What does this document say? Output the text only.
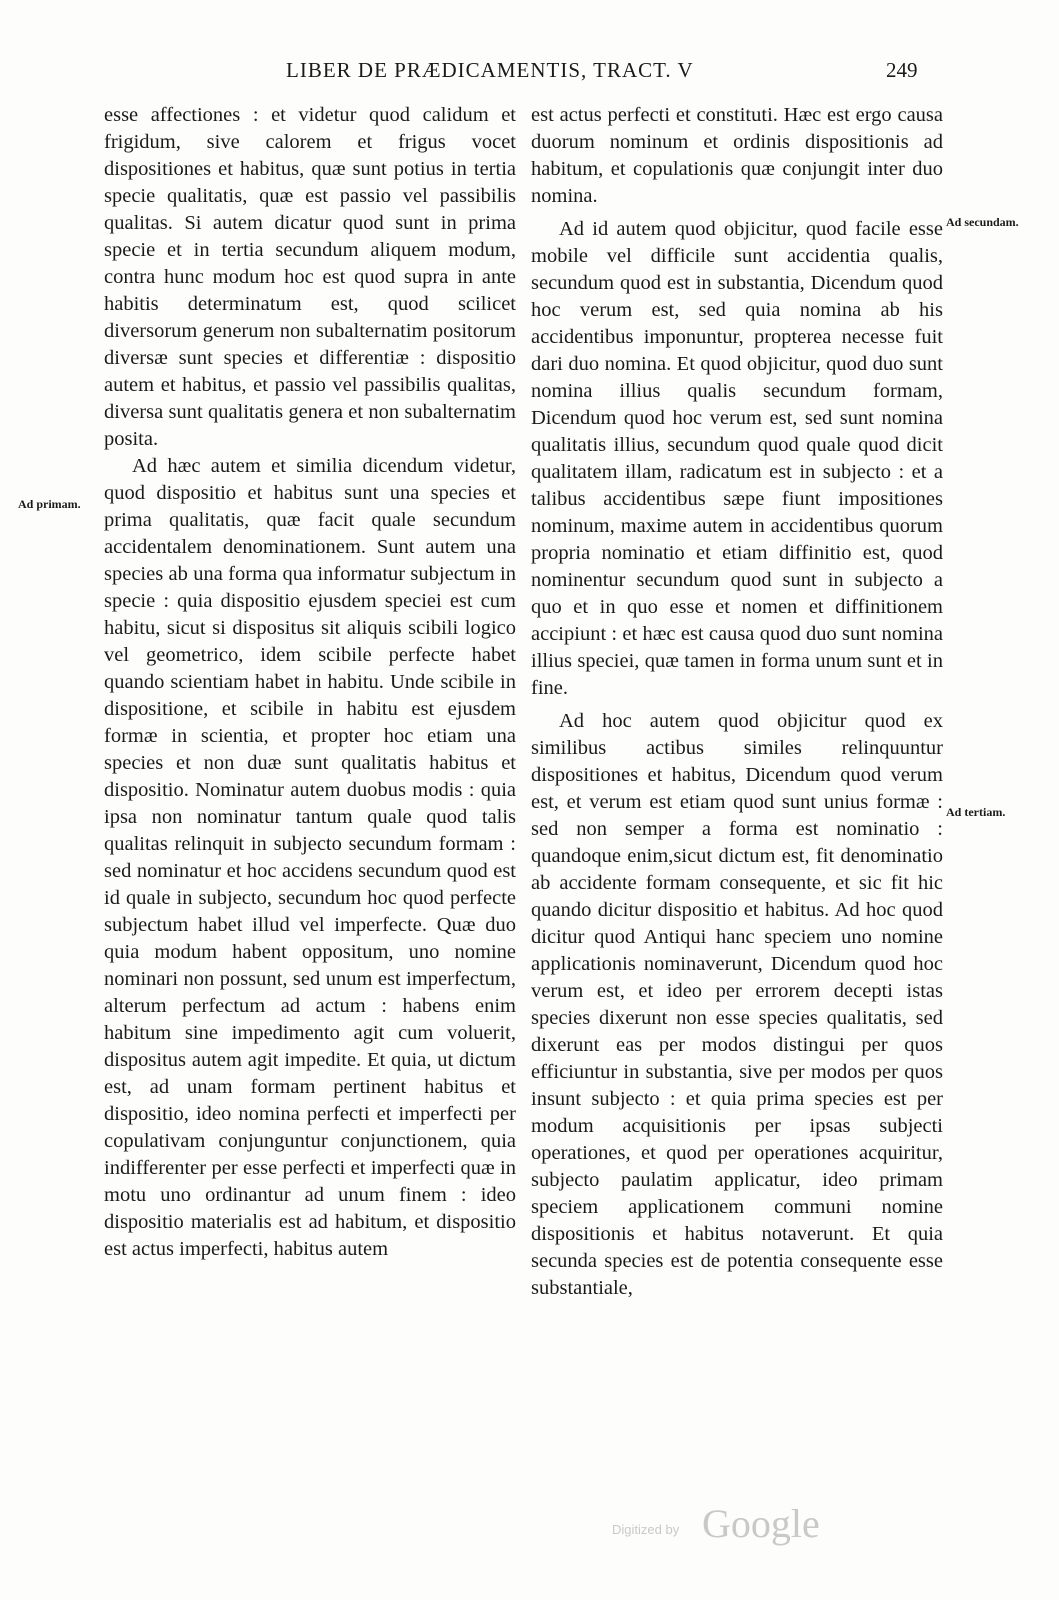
LIBER DE PRÆDICAMENTIS, TRACT. V	249

esse affectiones : et videtur quod calidum et frigidum, sive calorem et frigus vocet dispositiones et habitus, quæ sunt potius in tertia specie qualitatis, quæ est passio vel passibilis qualitas. Si autem dicatur quod sunt in prima specie et in tertia secundum aliquem modum, contra hunc modum hoc est quod supra in ante habitis determinatum est, quod scilicet diversorum generum non subalternatim positorum diversæ sunt species et differentiæ : dispositio autem et habitus, et passio vel passibilis qualitas, diversa sunt qualitatis genera et non subalternatim posita.

Ad hæc autem et similia dicendum videtur, quod dispositio et habitus sunt una species et prima qualitatis, quæ facit quale secundum accidentalem denominationem. Sunt autem una species ab una forma qua informatur subjectum in specie : quia dispositio ejusdem speciei est cum habitu, sicut si dispositus sit aliquis scibili logico vel geometrico, idem scibile perfecte habet quando scientiam habet in habitu. Unde scibile in dispositione, et scibile in habitu est ejusdem formæ in scientia, et propter hoc etiam una species et non duæ sunt qualitatis habitus et dispositio. Nominatur autem duobus modis : quia ipsa non nominatur tantum quale quod talis qualitas relinquit in subjecto secundum formam : sed nominatur et hoc accidens secundum quod est id quale in subjecto, secundum hoc quod perfecte subjectum habet illud vel imperfecte. Quæ duo quia modum habent oppositum, uno nomine nominari non possunt, sed unum est imperfectum, alterum perfectum ad actum : habens enim habitum sine impedimento agit cum voluerit, dispositus autem agit impedite. Et quia, ut dictum est, ad unam formam pertinent habitus et dispositio, ideo nomina perfecti et imperfecti per copulativam conjunguntur conjunctionem, quia indifferenter per esse perfecti et imperfecti quæ in motu uno ordinantur ad unum finem : ideo dispositio materialis est ad habitum, et dispositio est actus imperfecti, habitus autem

est actus perfecti et constituti. Hæc est ergo causa duorum nominum et ordinis dispositionis ad habitum, et copulationis quæ conjungit inter duo nomina.

Ad id autem quod objicitur, quod facile esse mobile vel difficile sunt accidentia qualis, secundum quod est in substantia, Dicendum quod hoc verum est, sed quia nomina ab his accidentibus imponuntur, propterea necesse fuit dari duo nomina. Et quod objicitur, quod duo sunt nomina illius qualis secundum formam, Dicendum quod hoc verum est, sed sunt nomina qualitatis illius, secundum quod quale quod dicit qualitatem illam, radicatum est in subjecto : et a talibus accidentibus sæpe fiunt impositiones nominum, maxime autem in accidentibus quorum propria nominatio et etiam diffinitio est, quod nominentur secundum quod sunt in subjecto a quo et in quo esse et nomen et diffinitionem accipiunt : et hæc est causa quod duo sunt nomina illius speciei, quæ tamen in forma unum sunt et in fine.

Ad hoc autem quod objicitur quod ex similibus actibus similes relinquuntur dispositiones et habitus, Dicendum quod verum est, et verum est etiam quod sunt unius formæ : sed non semper a forma est nominatio : quandoque enim,sicut dictum est, fit denominatio ab accidente formam consequente, et sic fit hic quando dicitur dispositio et habitus. Ad hoc quod dicitur quod Antiqui hanc speciem uno nomine applicationis nominaverunt, Dicendum quod hoc verum est, et ideo per errorem decepti istas species dixerunt non esse species qualitatis, sed dixerunt eas per modos distingui per quos efficiuntur in substantia, sive per modos per quos insunt subjecto : et quia prima species est per modum acquisitionis per ipsas subjecti operationes, et quod per operationes acquiritur, subjecto paulatim applicatur, ideo primam speciem applicationem communi nomine dispositionis et habitus notaverunt. Et quia secunda species est de potentia consequente esse substantiale,

Ad primam.
Ad secundam.
Ad tertiam.
Digitized by Google
